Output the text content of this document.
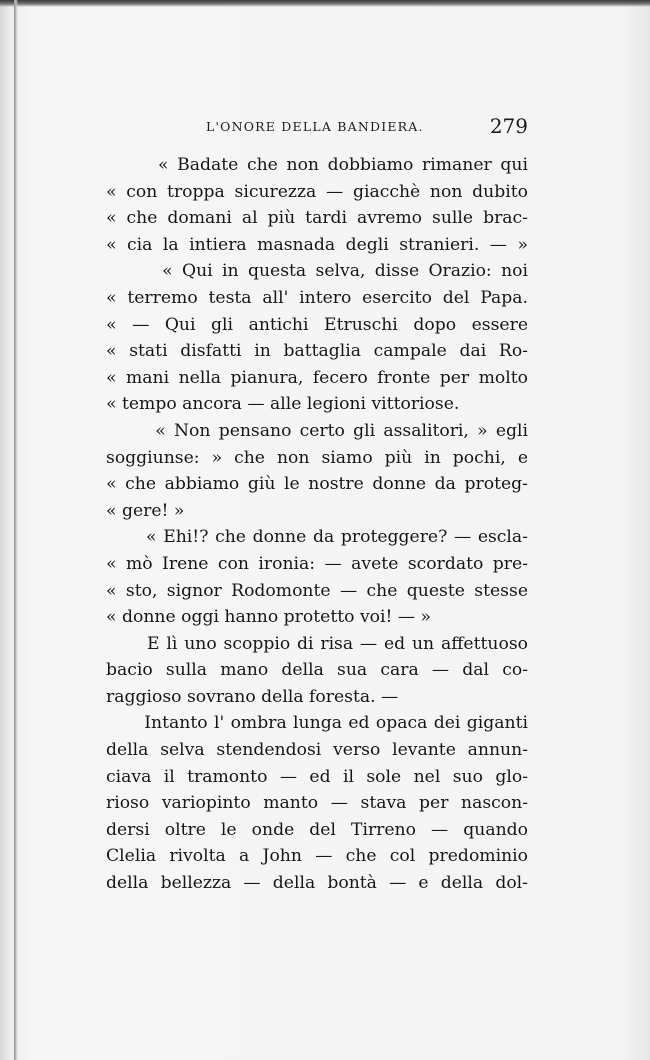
L'ONORE DELLA BANDIERA.	279
« Badate che non dobbiamo rimaner qui
« con troppa sicurezza — giacchè non dubito
« che domani al più tardi avremo sulle brac-
« cia la intiera masnada degli stranieri. — »
« Qui in questa selva, disse Orazio: noi
« terremo testa all' intero esercito del Papa.
« — Qui gli antichi Etruschi dopo essere
« stati disfatti in battaglia campale dai Ro-
« mani nella pianura, fecero fronte per molto
« tempo ancora — alle legioni vittoriose.
« Non pensano certo gli assalitori, » egli
soggiunse: » che non siamo più in pochi, e
« che abbiamo giù le nostre donne da proteg-
« gere! »
« Ehi!? che donne da proteggere? — escla-
« mò Irene con ironia: — avete scordato pre-
« sto, signor Rodomonte — che queste stesse
« donne oggi hanno protetto voi! — »
E lì uno scoppio di risa — ed un affettuoso
bacio sulla mano della sua cara — dal co-
raggioso sovrano della foresta. —
Intanto l' ombra lunga ed opaca dei giganti
della selva stendendosi verso levante annun-
ciava il tramonto — ed il sole nel suo glo-
rioso variopinto manto — stava per nascon-
dersi oltre le onde del Tirreno — quando
Clelia rivolta a John — che col predominio
della bellezza — della bontà — e della dol-
